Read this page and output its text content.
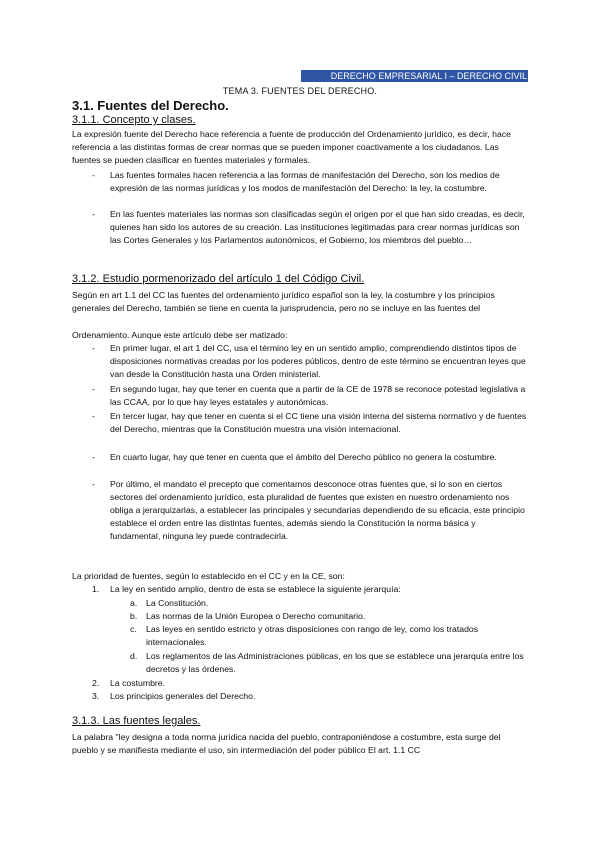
DERECHO EMPRESARIAL I – DERECHO CIVIL
TEMA 3. FUENTES DEL DERECHO.
3.1. Fuentes del Derecho.
3.1.1. Concepto y clases.
La expresión fuente del Derecho hace referencia a fuente de producción del Ordenamiento jurídico, es decir, hace referencia a las distintas formas de crear normas que se pueden imponer coactivamente a los ciudadanos. Las fuentes se pueden clasificar en fuentes materiales y formales.
- Las fuentes formales hacen referencia a las formas de manifestación del Derecho, son los medios de expresión de las normas jurídicas y los modos de manifestación del Derecho: la ley, la costumbre.
- En las fuentes materiales las normas son clasificadas según el origen por el que han sido creadas, es decir, quienes han sido los autores de su creación. Las instituciones legitimadas para crear normas jurídicas son las Cortes Generales y los Parlamentos autonómicos, el Gobierno, los miembros del pueblo…
3.1.2. Estudio pormenorizado del artículo 1 del Código Civil.
Según en art 1.1 del CC las fuentes del ordenamiento jurídico español son la ley, la costumbre y los principios generales del Derecho, también se tiene en cuenta la jurisprudencia, pero no se incluye en las fuentes del
Ordenamiento. Aunque este artículo debe ser matizado:
- En primer lugar, el art 1 del CC, usa el término ley en un sentido amplio, comprendiendo distintos tipos de disposiciones normativas creadas por los poderes públicos, dentro de este término se encuentran leyes que van desde la Constitución hasta una Orden ministerial.
- En segundo lugar, hay que tener en cuenta que a partir de la CE de 1978 se reconoce potestad legislativa a las CCAA, por lo que hay leyes estatales y autonómicas.
- En tercer lugar, hay que tener en cuenta si el CC tiene una visión interna del sistema normativo y de fuentes del Derecho, mientras que la Constitución muestra una visión internacional.
- En cuarto lugar, hay que tener en cuenta que el ámbito del Derecho público no genera la costumbre.
- Por último, el mandato el precepto que comentamos desconoce otras fuentes que, si lo son en ciertos sectores del ordenamiento jurídico, esta pluralidad de fuentes que existen en nuestro ordenamiento nos obliga a jerarquizarlas, a establecer las principales y secundarias dependiendo de su eficacia, este principio establece el orden entre las distintas fuentes, además siendo la Constitución la norma básica y fundamental, ninguna ley puede contradecirla.
La prioridad de fuentes, según lo establecido en el CC y en la CE, son:
1. La ley en sentido amplio, dentro de esta se establece la siguiente jerarquía:
a. La Constitución.
b. Las normas de la Unión Europea o Derecho comunitario.
c. Las leyes en sentido estricto y otras disposiciones con rango de ley, como los tratados internacionales.
d. Los reglamentos de las Administraciones públicas, en los que se establece una jerarquía entre los decretos y las órdenes.
2. La costumbre.
3. Los principios generales del Derecho.
3.1.3. Las fuentes legales.
La palabra "ley designa a toda norma jurídica nacida del pueblo, contraponiéndose a costumbre, esta surge del pueblo y se manifiesta mediante el uso, sin intermediación del poder público El art. 1.1 CC
